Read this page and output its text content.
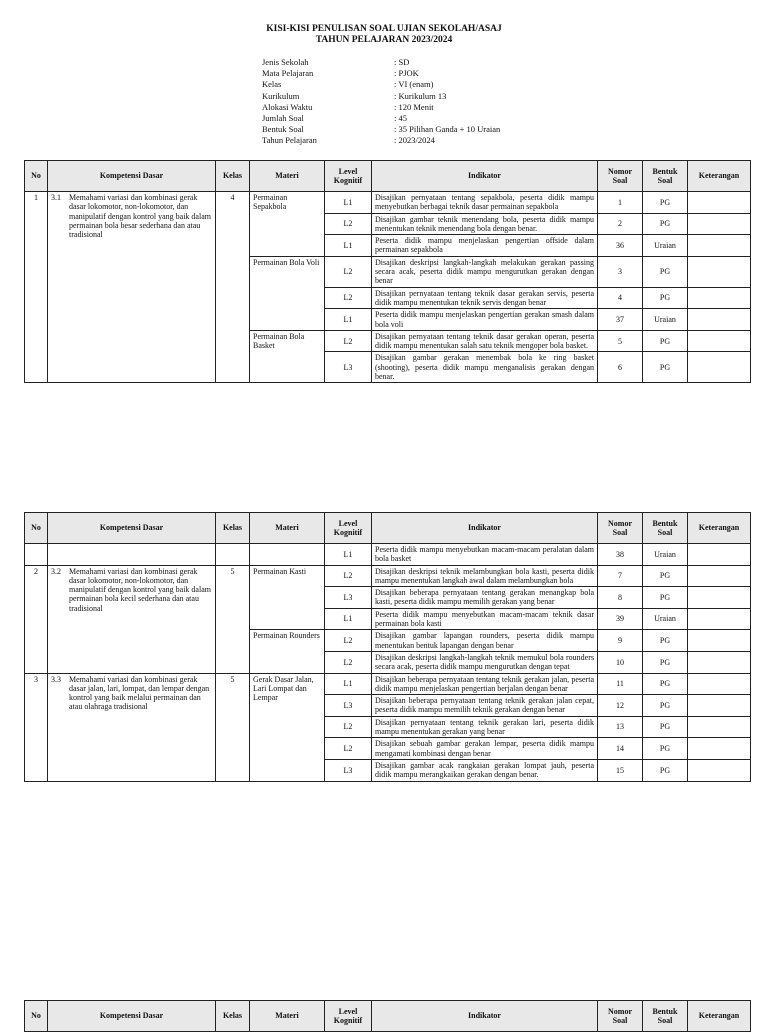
KISI-KISI PENULISAN SOAL UJIAN SEKOLAH/ASAJ
TAHUN PELAJARAN 2023/2024
Jenis Sekolah	: SD
Mata Pelajaran	: PJOK
Kelas	: VI (enam)
Kurikulum	: Kurikulum 13
Alokasi Waktu	: 120 Menit
Jumlah Soal	: 45
Bentuk Soal	: 35 Pilihan Ganda + 10 Uraian
Tahun Pelajaran	: 2023/2024
No	Kompetensi Dasar	Kelas	Materi	Level Kognitif	Indikator	Nomor Soal	Bentuk Soal	Keterangan
1	3.1 Memahami variasi dan kombinasi gerak dasar lokomotor, non-lokomotor, dan manipulatif dengan kontrol yang baik dalam permainan bola besar sederhana dan atau tradisional	4	Permainan Sepakbola	L1	Disajikan pernyataan tentang sepakbola, peserta didik mampu menyebutkan berbagai teknik dasar permainan sepakbola	1	PG	
				L2	Disajikan gambar teknik menendang bola, peserta didik mampu menentukan teknik menendang bola dengan benar.	2	PG	
				L1	Peserta didik mampu menjelaskan pengertian offside dalam permainan sepakbola	36	Uraian	
			Permainan Bola Voli	L2	Disajikan deskripsi langkah-langkah melakukan gerakan passing secara acak, peserta didik mampu mengurutkan gerakan dengan benar	3	PG	
				L2	Disajikan pernyataan tentang teknik dasar gerakan servis, peserta didik mampu menentukan teknik servis dengan benar	4	PG	
				L1	Peserta didik mampu menjelaskan pengertian gerakan smash dalam bola voli	37	Uraian	
			Permainan Bola Basket	L2	Disajikan pernyataan tentang teknik dasar gerakan operan, peserta didik mampu menentukan salah satu teknik mengoper bola basket.	5	PG	
				L3	Disajikan gambar gerakan menembak bola ke ring basket (shooting), peserta didik mampu menganalisis gerakan dengan benar.	6	PG	
No	Kompetensi Dasar	Kelas	Materi	Level Kognitif	Indikator	Nomor Soal	Bentuk Soal	Keterangan
				L1	Peserta didik mampu menyebutkan macam-macam peralatan dalam bola basket	38	Uraian	
2	3.2 Memahami variasi dan kombinasi gerak dasar lokomotor, non-lokomotor, dan manipulatif dengan kontrol yang baik dalam permainan bola kecil sederhana dan atau tradisional	5	Permainan Kasti	L2	Disajikan deskripsi teknik melambungkan bola kasti, peserta didik mampu menentukan langkah awal dalam melambungkan bola	7	PG	
				L3	Disajikan beberapa pernyataan tentang gerakan menangkap bola kasti, peserta didik mampu memilih gerakan yang benar	8	PG	
				L1	Peserta didik mampu menyebutkan macam-macam teknik dasar permainan bola kasti	39	Uraian	
			Permainan Rounders	L2	Disajikan gambar lapangan rounders, peserta didik mampu menentukan bentuk lapangan dengan benar	9	PG	
				L2	Disajikan deskripsi langkah-langkah teknik memukul bola rounders secara acak, peserta didik mampu mengurutkan dengan tepat	10	PG	
3	3.3 Memahami variasi dan kombinasi gerak dasar jalan, lari, lompat, dan lempar dengan kontrol yang baik melalui permainan dan atau olahraga tradisional	5	Gerak Dasar Jalan, Lari Lompat dan Lempar	L1	Disajikan beberapa pernyataan tentang teknik gerakan jalan, peserta didik mampu menjelaskan pengertian berjalan dengan benar	11	PG	
				L3	Disajikan beberapa pernyataan tentang teknik gerakan jalan cepat, peserta didik mampu memilih teknik gerakan dengan benar	12	PG	
				L2	Disajikan pernyataan tentang teknik gerakan lari, peserta didik mampu menentukan gerakan yang benar	13	PG	
				L2	Disajikan sebuah gambar gerakan lempar, peserta didik mampu mengamati kombinasi dengan benar	14	PG	
				L3	Disajikan gambar acak rangkaian gerakan lompat jauh, peserta didik mampu merangkaikan gerakan dengan benar.	15	PG	
No	Kompetensi Dasar	Kelas	Materi	Level Kognitif	Indikator	Nomor Soal	Bentuk Soal	Keterangan
